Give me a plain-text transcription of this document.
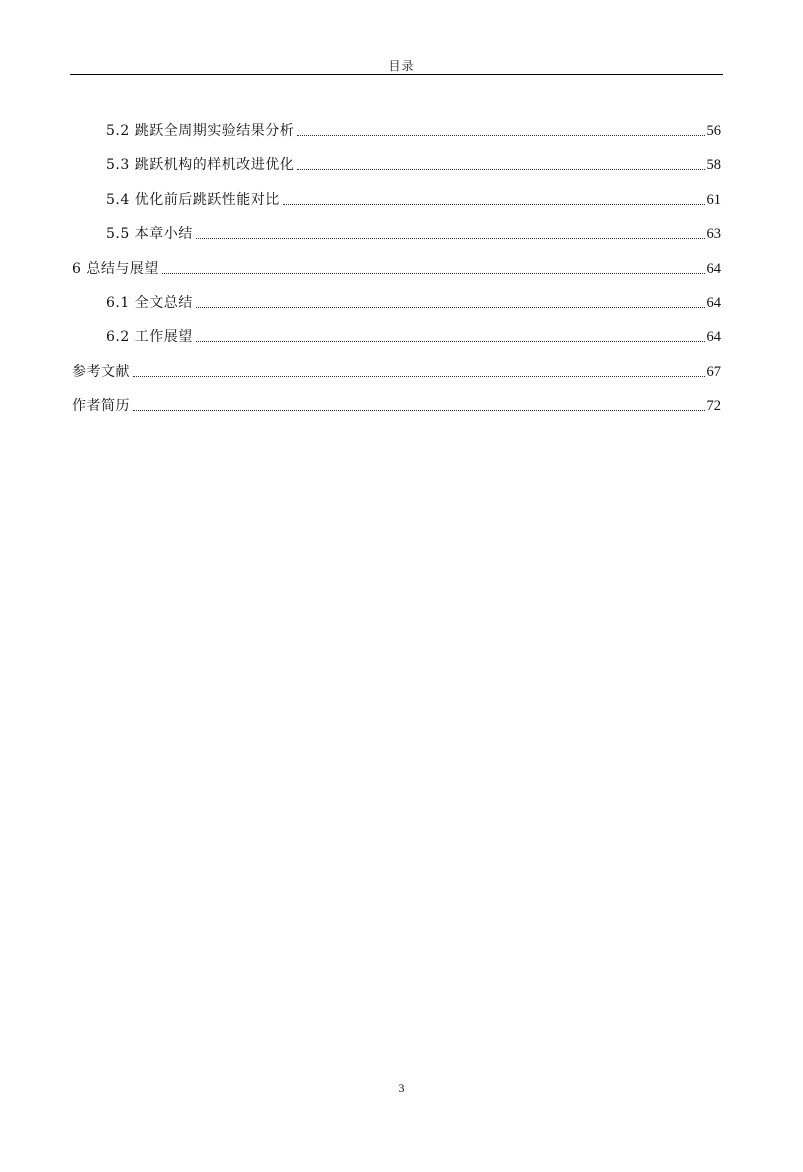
目录
5.2 跳跃全周期实验结果分析	56
5.3 跳跃机构的样机改进优化	58
5.4 优化前后跳跃性能对比	61
5.5 本章小结	63
6 总结与展望	64
6.1 全文总结	64
6.2 工作展望	64
参考文献	67
作者简历	72
3
